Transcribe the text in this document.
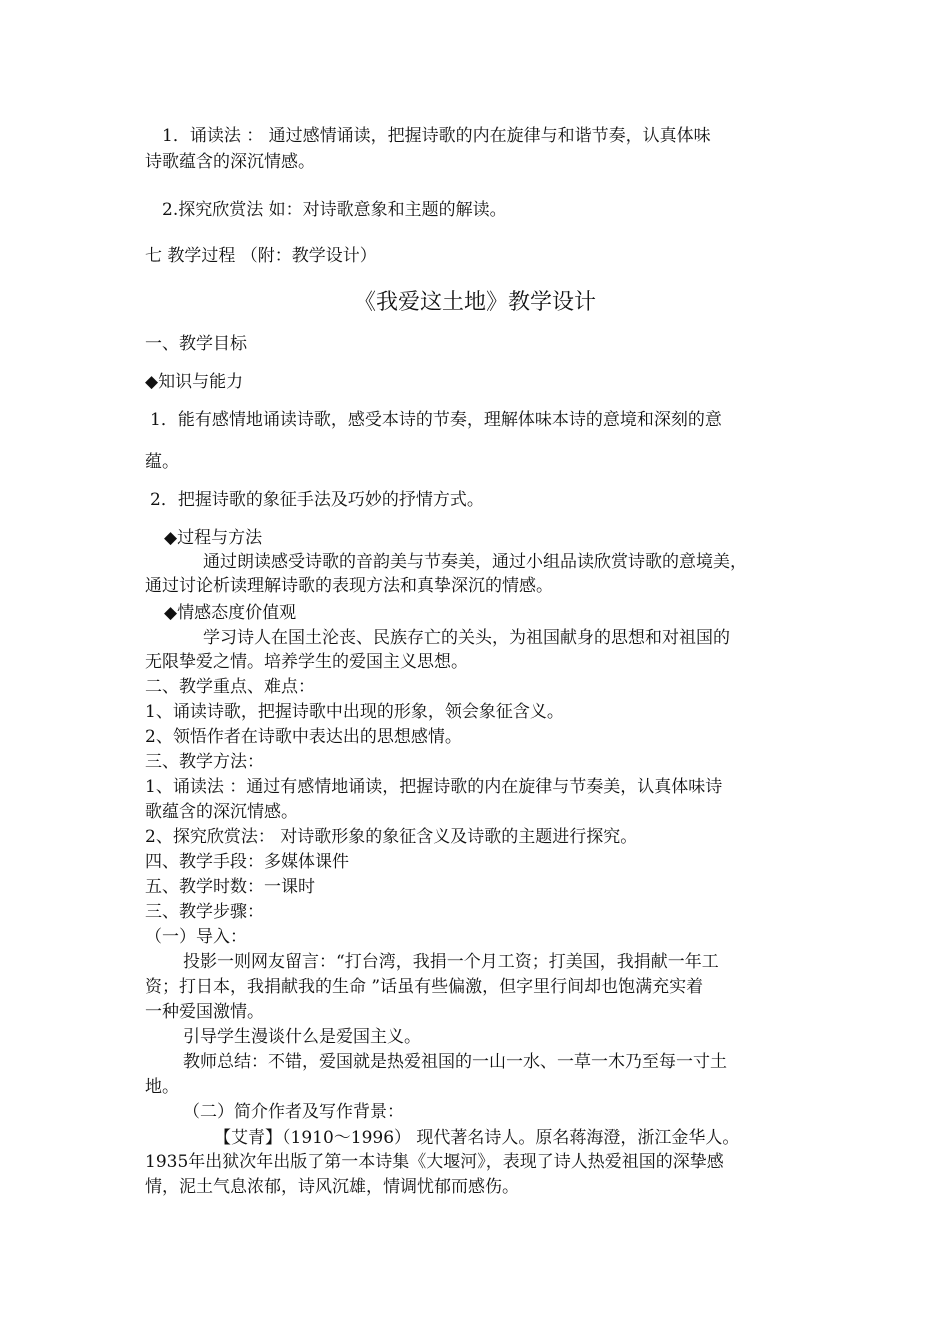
1．诵读法 ： 通过感情诵读，把握诗歌的内在旋律与和谐节奏，认真体味
诗歌蕴含的深沉情感。
2.探究欣赏法 如：对诗歌意象和主题的解读。
七 教学过程 （附：教学设计）
《我爱这土地》教学设计
一、教学目标
◆知识与能力
1．能有感情地诵读诗歌，感受本诗的节奏，理解体味本诗的意境和深刻的意
蕴。
2．把握诗歌的象征手法及巧妙的抒情方式。
◆过程与方法
通过朗读感受诗歌的音韵美与节奏美，通过小组品读欣赏诗歌的意境美，
通过讨论析读理解诗歌的表现方法和真挚深沉的情感。
◆情感态度价值观
学习诗人在国土沦丧、民族存亡的关头，为祖国献身的思想和对祖国的
无限挚爱之情。培养学生的爱国主义思想。
二、教学重点、难点：
1、诵读诗歌，把握诗歌中出现的形象，领会象征含义。
2、领悟作者在诗歌中表达出的思想感情。
三、教学方法：
1、诵读法 ：通过有感情地诵读，把握诗歌的内在旋律与节奏美，认真体味诗
歌蕴含的深沉情感。
2、探究欣赏法： 对诗歌形象的象征含义及诗歌的主题进行探究。
四、教学手段：多媒体课件
五、教学时数：一课时
三、教学步骤：
（一）导入：
投影一则网友留言：“打台湾，我捐一个月工资；打美国，我捐献一年工
资；打日本，我捐献我的生命 ”话虽有些偏激，但字里行间却也饱满充实着
一种爱国激情。
引导学生漫谈什么是爱国主义。
教师总结：不错，爱国就是热爱祖国的一山一水、一草一木乃至每一寸土
地。
（二）简介作者及写作背景：
【艾青】（1910～1996） 现代著名诗人。原名蒋海澄，浙江金华人。
1935年出狱次年出版了第一本诗集《大堰河》，表现了诗人热爱祖国的深挚感
情，泥土气息浓郁，诗风沉雄，情调忧郁而感伤。
